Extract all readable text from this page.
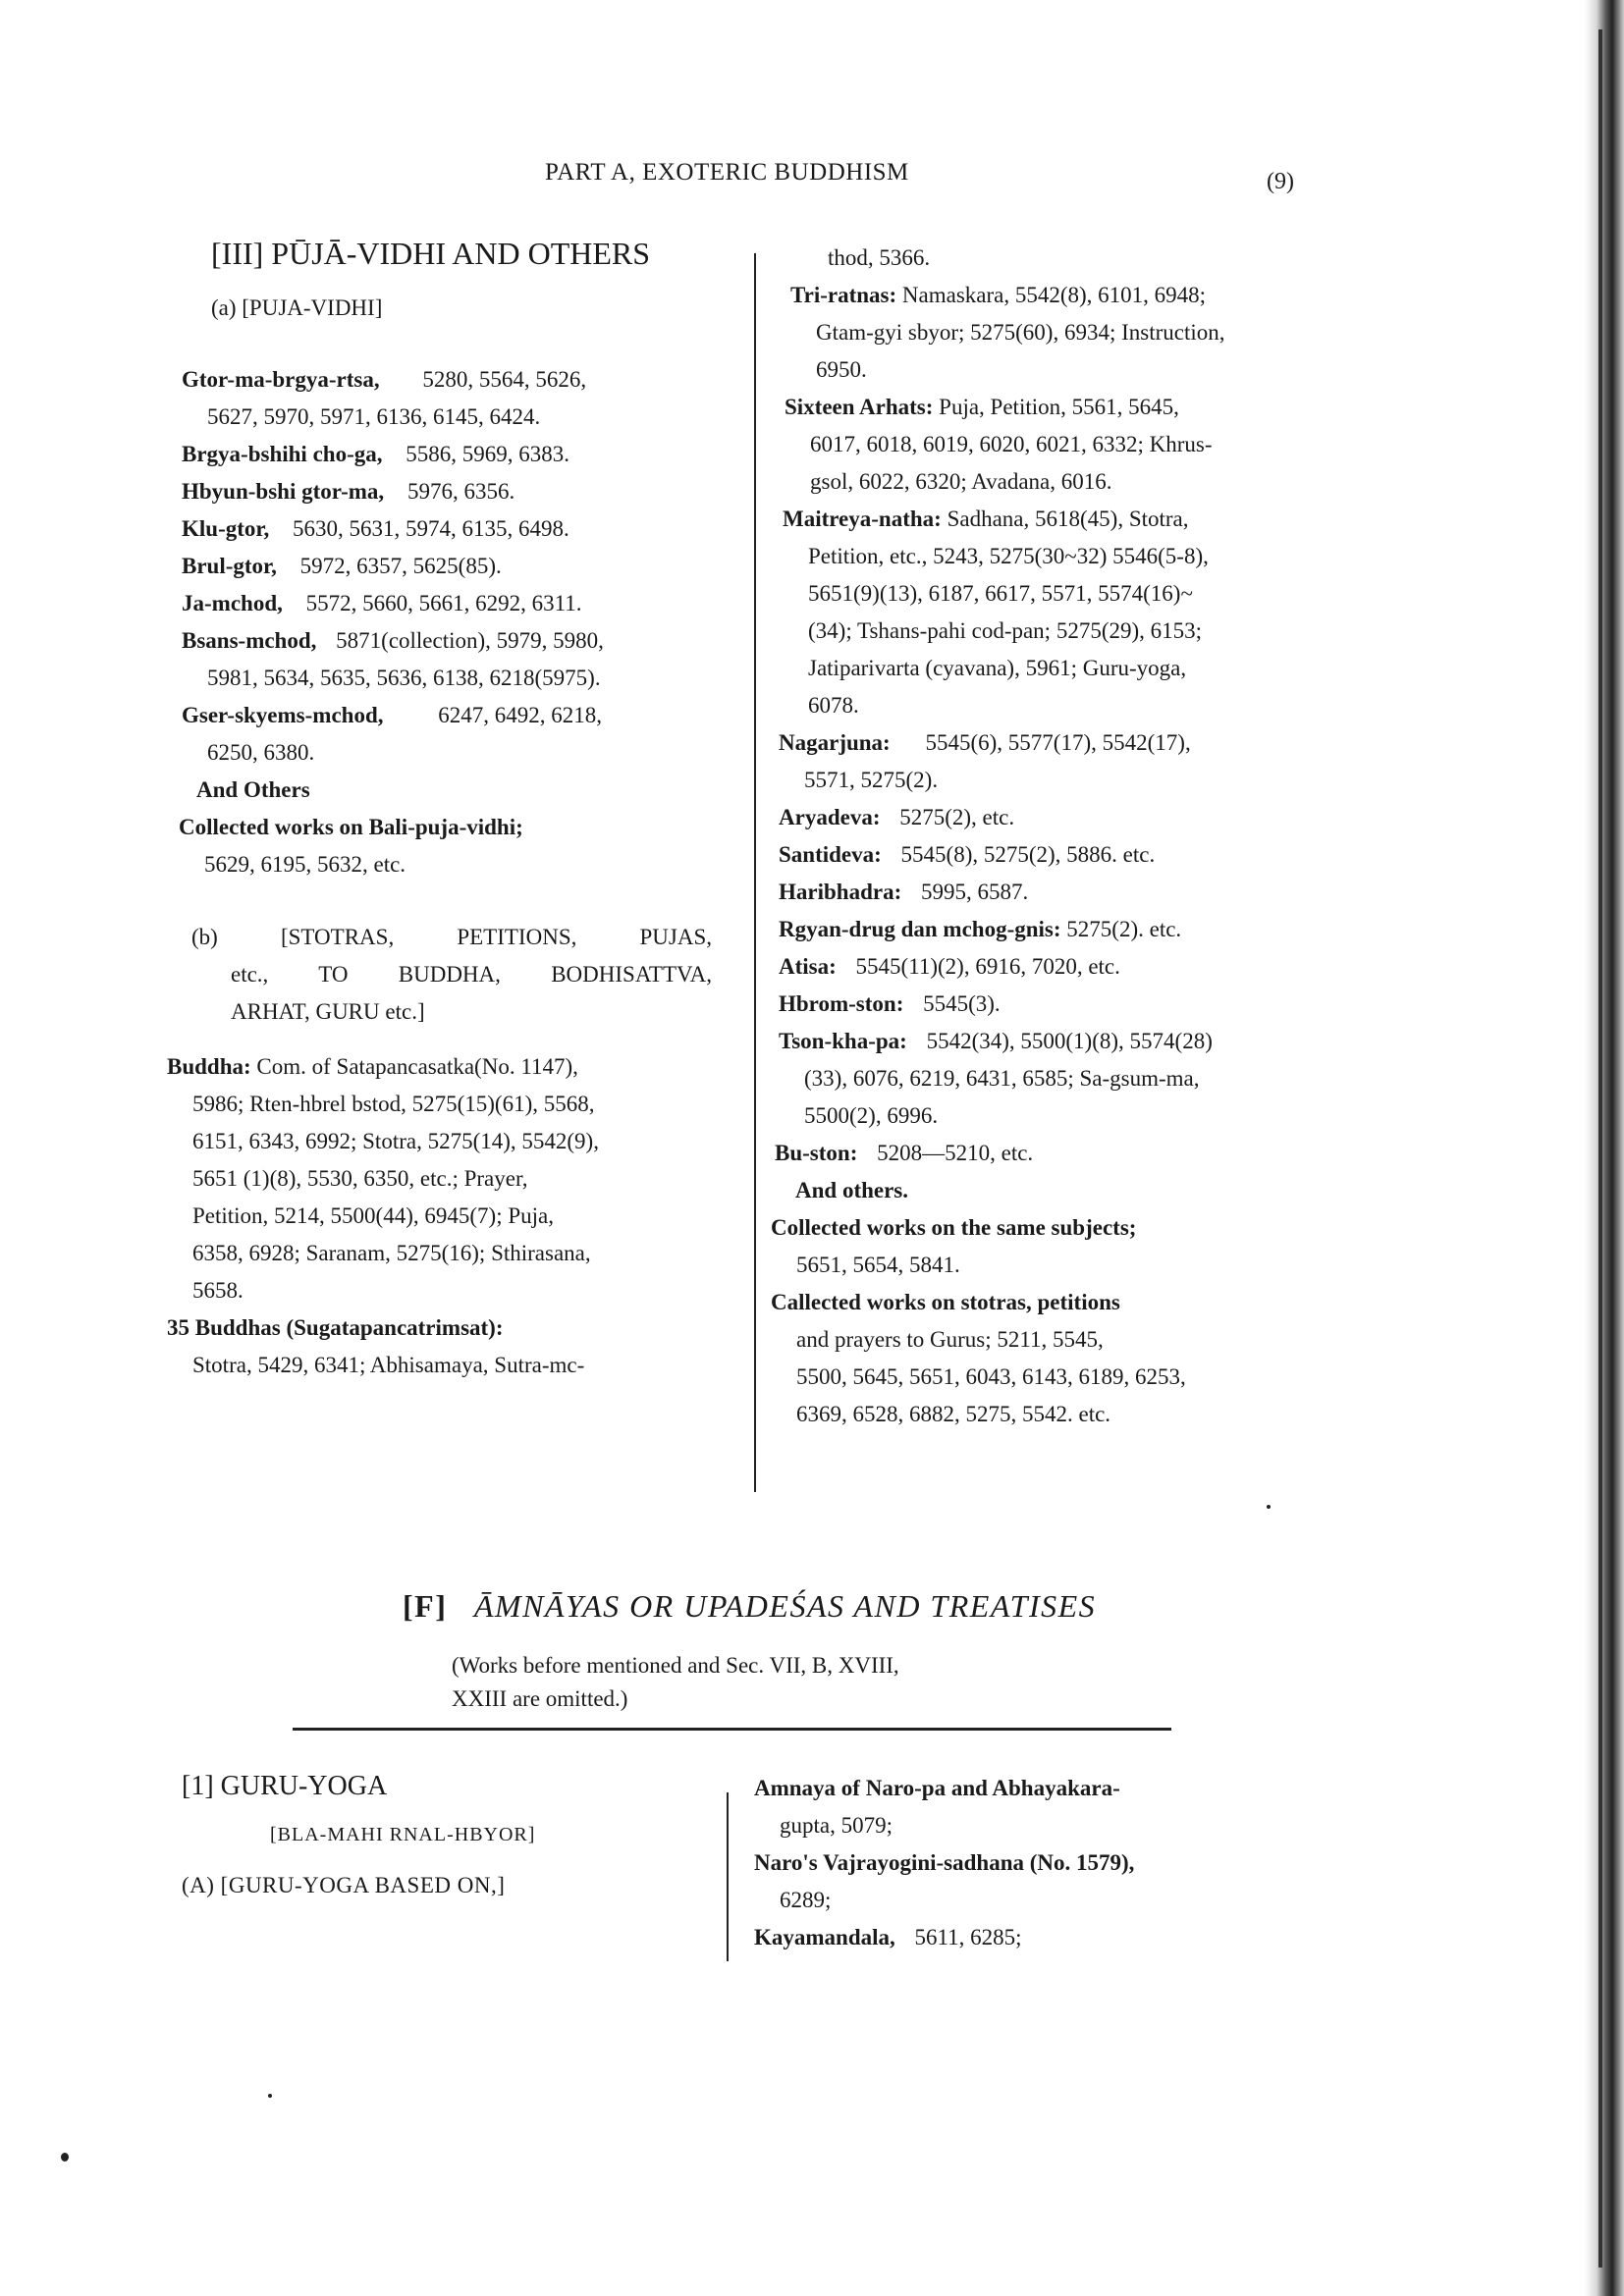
PART A, EXOTERIC BUDDHISM	(9)
[III] PŪJĀ-VIDHI AND OTHERS
(a) [PUJA-VIDHI]
Gtor-ma-brgya-rtsa, 5280, 5564, 5626,
5627, 5970, 5971, 6136, 6145, 6424.
Brgya-bshihi cho-ga, 5586, 5969, 6383.
Hbyun-bshi gtor-ma, 5976, 6356.
Klu-gtor, 5630, 5631, 5974, 6135, 6498.
Brul-gtor, 5972, 6357, 5625(85).
Ja-mchod, 5572, 5660, 5661, 6292, 6311.
Bsans-mchod, 5871(collection), 5979, 5980,
5981, 5634, 5635, 5636, 6138, 6218(5975).
Gser-skyems-mchod, 6247, 6492, 6218,
6250, 6380.
And Others
Collected works on Bali-puja-vidhi;
5629, 6195, 5632, etc.
(b) [STOTRAS, PETITIONS, PUJAS,
etc., TO BUDDHA, BODHISATTVA,
ARHAT, GURU etc.]
Buddha: Com. of Satapancasatka(No. 1147),
5986; Rten-hbrel bstod, 5275(15)(61), 5568,
6151, 6343, 6992; Stotra, 5275(14), 5542(9),
5651 (1)(8), 5530, 6350, etc.; Prayer,
Petition, 5214, 5500(44), 6945(7); Puja,
6358, 6928; Saranam, 5275(16); Sthirasana,
5658.
35 Buddhas (Sugatapancatrimsat):
Stotra, 5429, 6341; Abhisamaya, Sutra-mc-
thod, 5366.
Tri-ratnas: Namaskara, 5542(8), 6101, 6948;
Gtam-gyi sbyor; 5275(60), 6934; Instruction,
6950.
Sixteen Arhats: Puja, Petition, 5561, 5645,
6017, 6018, 6019, 6020, 6021, 6332; Khrus-
gsol, 6022, 6320; Avadana, 6016.
Maitreya-natha: Sadhana, 5618(45), Stotra,
Petition, etc., 5243, 5275(30~32) 5546(5-8),
5651(9)(13), 6187, 6617, 5571, 5574(16)~
(34); Tshans-pahi cod-pan; 5275(29), 6153;
Jatiparivarta (cyavana), 5961; Guru-yoga,
6078.
Nagarjuna: 5545(6), 5577(17), 5542(17),
5571, 5275(2).
Aryadeva: 5275(2), etc.
Santideva: 5545(8), 5275(2), 5886. etc.
Haribhadra: 5995, 6587.
Rgyan-drug dan mchog-gnis: 5275(2). etc.
Atisa: 5545(11)(2), 6916, 7020, etc.
Hbrom-ston: 5545(3).
Tson-kha-pa: 5542(34), 5500(1)(8), 5574(28)
(33), 6076, 6219, 6431, 6585; Sa-gsum-ma,
5500(2), 6996.
Bu-ston: 5208—5210, etc.
And others.
Collected works on the same subjects;
5651, 5654, 5841.
Callected works on stotras, petitions
and prayers to Gurus; 5211, 5545,
5500, 5645, 5651, 6043, 6143, 6189, 6253,
6369, 6528, 6882, 5275, 5542. etc.
[F] ĀMNĀYAS OR UPADEŚAS AND TREATISES
(Works before mentioned and Sec. VII, B, XVIII,
XXIII are omitted.)
[1] GURU-YOGA
[BLA-MAHI RNAL-HBYOR]
(A) [GURU-YOGA BASED ON,]
Amnaya of Naro-pa and Abhayakara-
gupta, 5079;
Naro's Vajrayogini-sadhana (No. 1579),
6289;
Kayamandala, 5611, 6285;
